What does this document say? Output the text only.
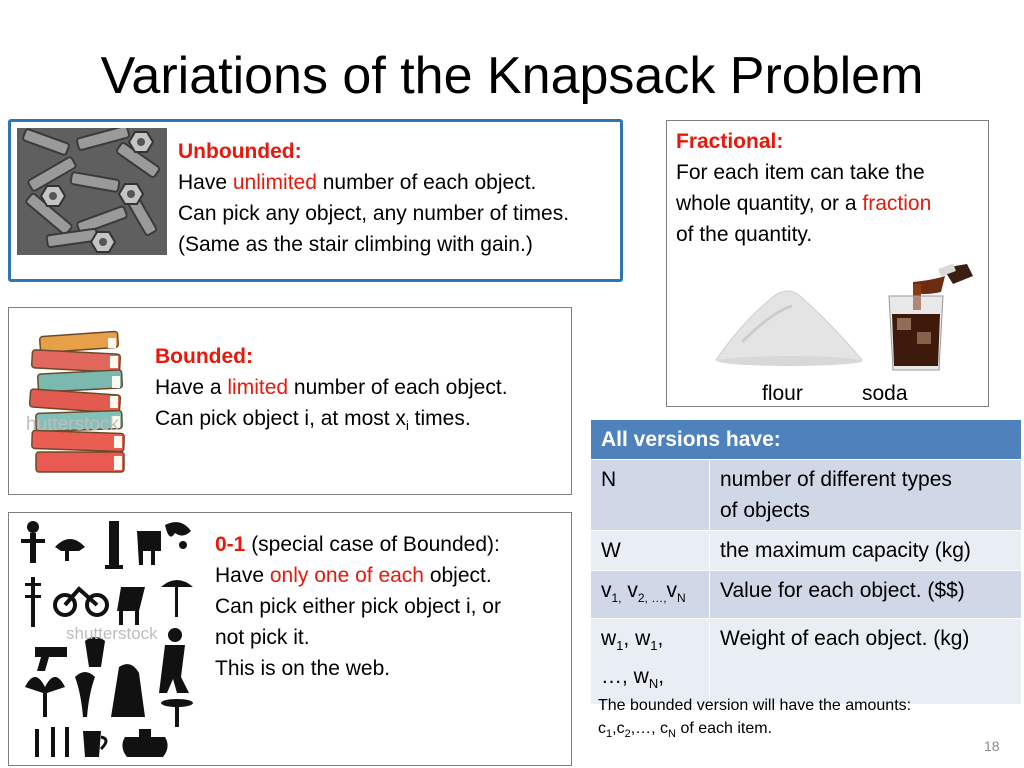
Variations of the Knapsack Problem
Unbounded:
Have unlimited number of each object.
Can pick any object, any number of times.
(Same as the stair climbing with gain.)
Fractional:
For each item can take the
whole quantity, or a fraction
of the quantity.
flour	soda
hutterstock
Bounded:
Have a limited number of each object.
Can pick object i, at most $x_i$ times.
shutterstock
0-1 (special case of Bounded):
Have only one of each object.
Can pick either pick object i, or
not pick it.
This is on the web.
All versions have:	
N	number of different types
of objects

W	the maximum capacity (kg)
$v_{1,}$ $v_{2, \dots,}v_N$	Value for each object. ($$)

$w_1$, $w_1$,
…, $w_N$,	Weight of each object. (kg)
The bounded version will have the amounts:
$c_1,c_2,\dots$, $c_N$ of each item.
18
